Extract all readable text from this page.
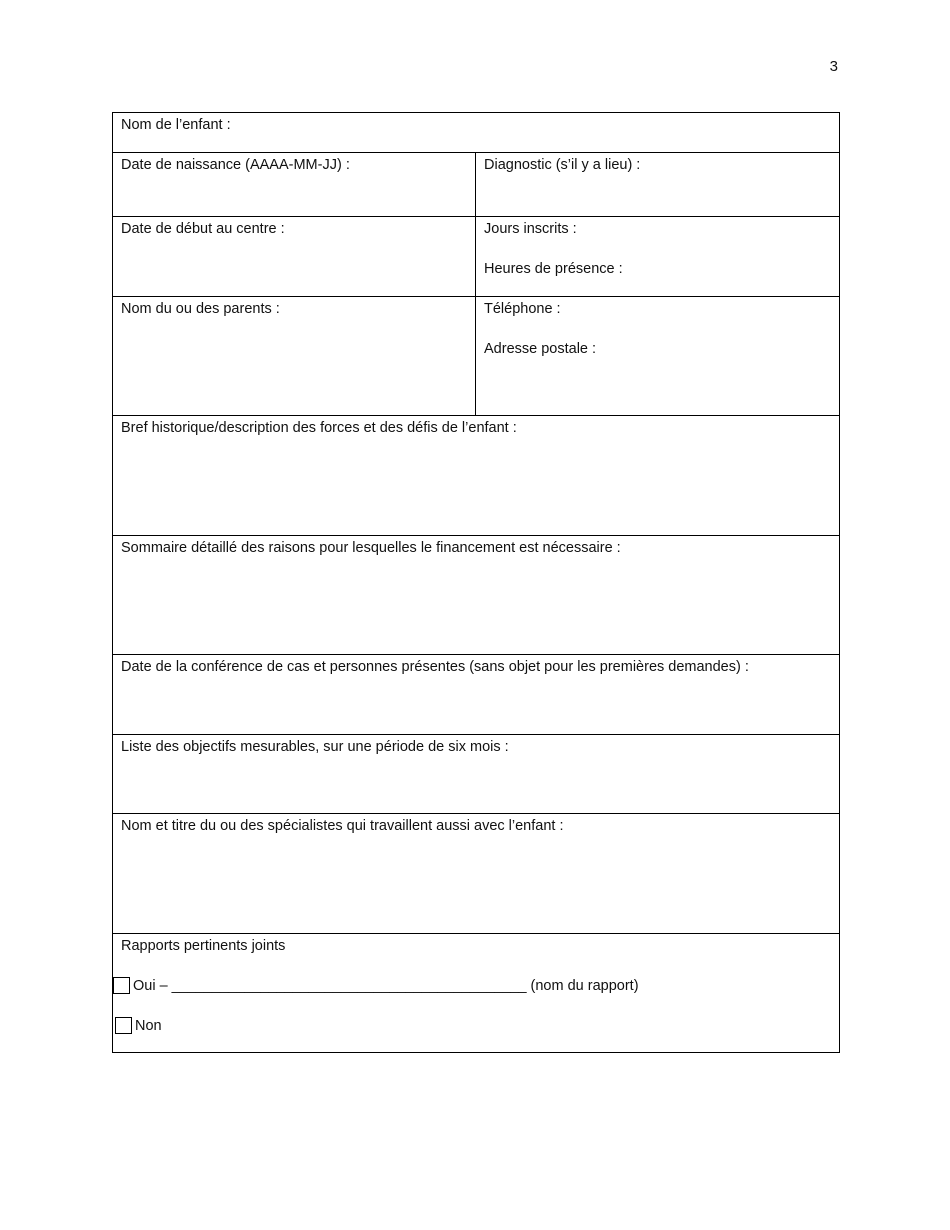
3
Nom de l’enfant :	

Date de naissance (AAAA-MM-JJ) :	Diagnostic (s’il y a lieu) :

Date de début au centre :	Jours inscrits :
Heures de présence :

Nom du ou des parents :	Téléphone :
Adresse postale :

Bref historique/description des forces et des défis de l’enfant :	

Sommaire détaillé des raisons pour lesquelles le financement est nécessaire :	

Date de la conférence de cas et personnes présentes (sans objet pour les premières demandes) :	

Liste des objectifs mesurables, sur une période de six mois :	

Nom et titre du ou des spécialistes qui travaillent aussi avec l’enfant :	

Rapports pertinents joints
Oui – ____________________________________________ (nom du rapport)
Non	
